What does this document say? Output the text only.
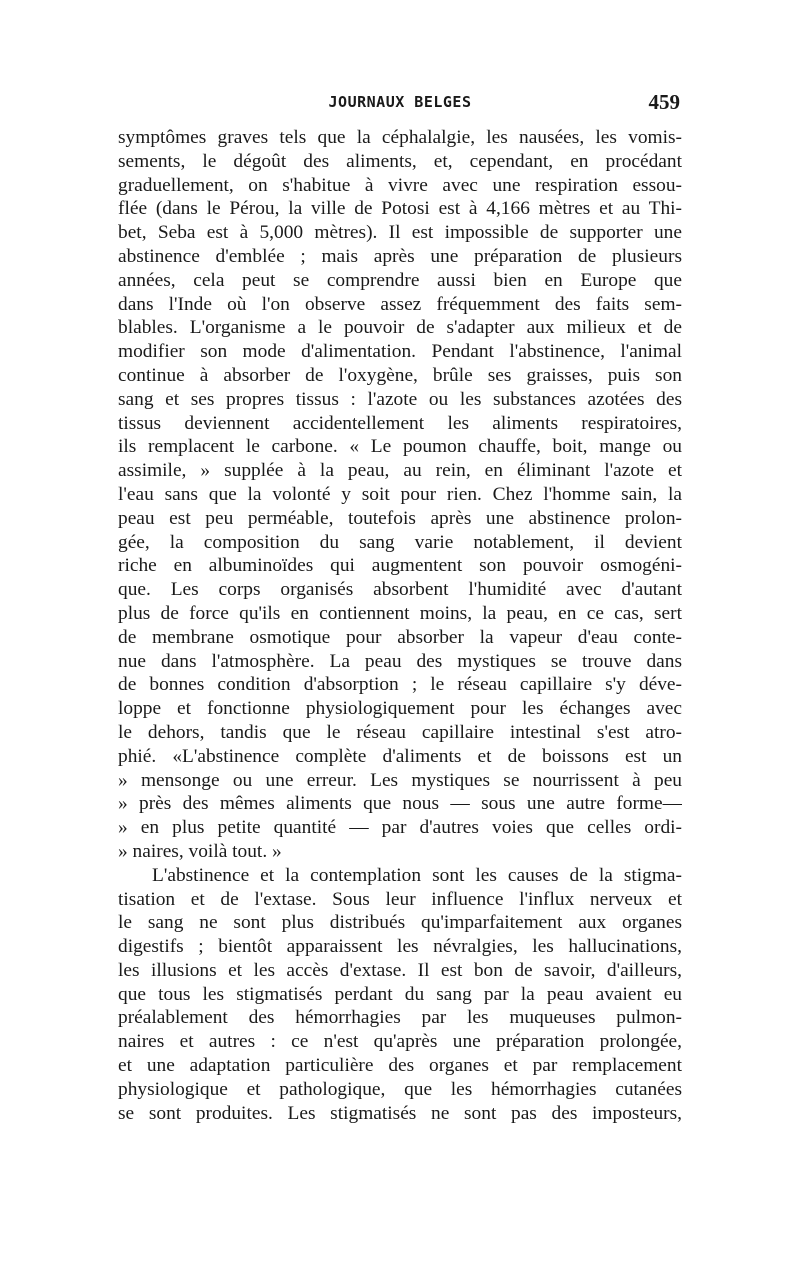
JOURNAUX BELGES	459
symptômes graves tels que la céphalalgie, les nausées, les vomis-
sements, le dégoût des aliments, et, cependant, en procédant
graduellement, on s'habitue à vivre avec une respiration essou-
flée (dans le Pérou, la ville de Potosi est à 4,166 mètres et au Thi-
bet, Seba est à 5,000 mètres). Il est impossible de supporter une
abstinence d'emblée ; mais après une préparation de plusieurs
années, cela peut se comprendre aussi bien en Europe que
dans l'Inde où l'on observe assez fréquemment des faits sem-
blables. L'organisme a le pouvoir de s'adapter aux milieux et de
modifier son mode d'alimentation. Pendant l'abstinence, l'animal
continue à absorber de l'oxygène, brûle ses graisses, puis son
sang et ses propres tissus : l'azote ou les substances azotées des
tissus deviennent accidentellement les aliments respiratoires,
ils remplacent le carbone. « Le poumon chauffe, boit, mange ou
assimile, » supplée à la peau, au rein, en éliminant l'azote et
l'eau sans que la volonté y soit pour rien. Chez l'homme sain, la
peau est peu perméable, toutefois après une abstinence prolon-
gée, la composition du sang varie notablement, il devient
riche en albuminoïdes qui augmentent son pouvoir osmogéni-
que. Les corps organisés absorbent l'humidité avec d'autant
plus de force qu'ils en contiennent moins, la peau, en ce cas, sert
de membrane osmotique pour absorber la vapeur d'eau conte-
nue dans l'atmosphère. La peau des mystiques se trouve dans
de bonnes condition d'absorption ; le réseau capillaire s'y déve-
loppe et fonctionne physiologiquement pour les échanges avec
le dehors, tandis que le réseau capillaire intestinal s'est atro-
phié. «L'abstinence complète d'aliments et de boissons est un
» mensonge ou une erreur. Les mystiques se nourrissent à peu
» près des mêmes aliments que nous — sous une autre forme—
» en plus petite quantité — par d'autres voies que celles ordi-
» naires, voilà tout. »
L'abstinence et la contemplation sont les causes de la stigma-
tisation et de l'extase. Sous leur influence l'influx nerveux et
le sang ne sont plus distribués qu'imparfaitement aux organes
digestifs ; bientôt apparaissent les névralgies, les hallucinations,
les illusions et les accès d'extase. Il est bon de savoir, d'ailleurs,
que tous les stigmatisés perdant du sang par la peau avaient eu
préalablement des hémorrhagies par les muqueuses pulmon-
naires et autres : ce n'est qu'après une préparation prolongée,
et une adaptation particulière des organes et par remplacement
physiologique et pathologique, que les hémorrhagies cutanées
se sont produites. Les stigmatisés ne sont pas des imposteurs,
